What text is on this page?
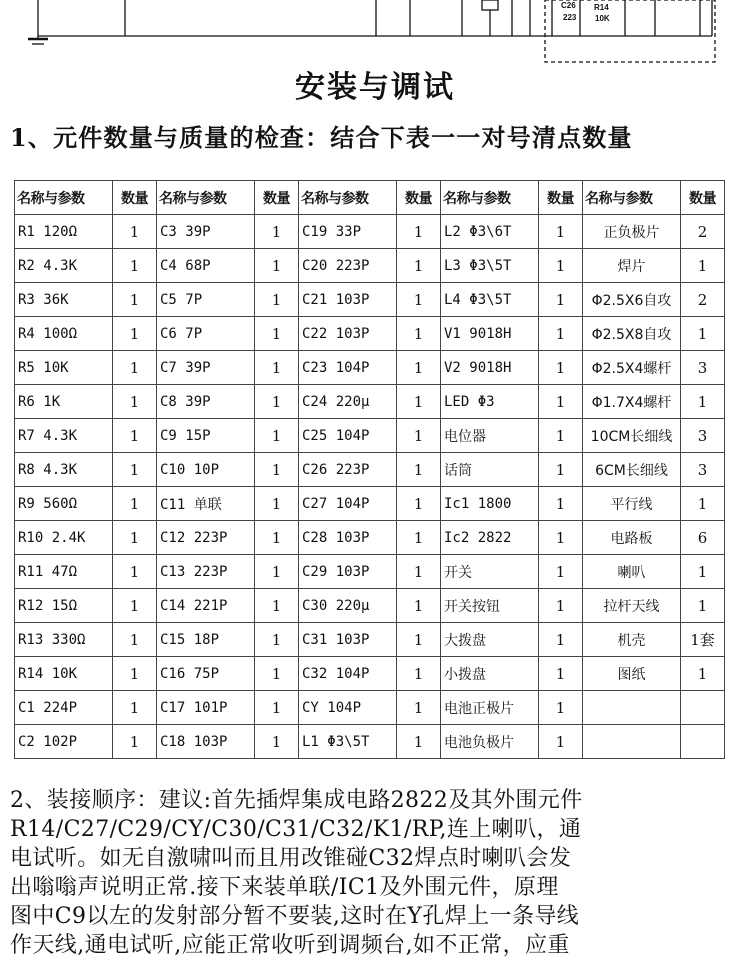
C26
223
R14
10K
安装与调试
1、元件数量与质量的检查：结合下表一一对号清点数量
名称与参数	数量	名称与参数	数量	名称与参数	数量	名称与参数	数量	名称与参数	数量
R1 120Ω	1	C3 39P	1	C19 33P	1	L2 Φ3\6T	1	正负极片	2
R2 4.3K	1	C4 68P	1	C20 223P	1	L3 Φ3\5T	1	焊片	1
R3 36K	1	C5 7P	1	C21 103P	1	L4 Φ3\5T	1	Φ2.5X6自攻	2
R4 100Ω	1	C6 7P	1	C22 103P	1	V1 9018H	1	Φ2.5X8自攻	1
R5 10K	1	C7 39P	1	C23 104P	1	V2 9018H	1	Φ2.5X4螺杆	3
R6 1K	1	C8 39P	1	C24 220μ	1	LED Φ3	1	Φ1.7X4螺杆	1
R7 4.3K	1	C9 15P	1	C25 104P	1	电位器	1	10CM长细线	3
R8 4.3K	1	C10 10P	1	C26 223P	1	话筒	1	6CM长细线	3
R9 560Ω	1	C11 单联	1	C27 104P	1	Ic1 1800	1	平行线	1
R10 2.4K	1	C12 223P	1	C28 103P	1	Ic2 2822	1	电路板	6
R11 47Ω	1	C13 223P	1	C29 103P	1	开关	1	喇叭	1
R12 15Ω	1	C14 221P	1	C30 220μ	1	开关按钮	1	拉杆天线	1
R13 330Ω	1	C15 18P	1	C31 103P	1	大拨盘	1	机壳	1套
R14 10K	1	C16 75P	1	C32 104P	1	小拨盘	1	图纸	1
C1 224P	1	C17 101P	1	CY 104P	1	电池正极片	1		
C2 102P	1	C18 103P	1	L1 Φ3\5T	1	电池负极片	1		
2、装接顺序：建议:首先插焊集成电路2822及其外围元件
R14/C27/C29/CY/C30/C31/C32/K1/RP,连上喇叭，通
电试听。如无自激啸叫而且用改锥碰C32焊点时喇叭会发
出嗡嗡声说明正常.接下来装单联/IC1及外围元件，原理
图中C9以左的发射部分暂不要装,这时在Y孔焊上一条导线
作天线,通电试听,应能正常收听到调频台,如不正常，应重
